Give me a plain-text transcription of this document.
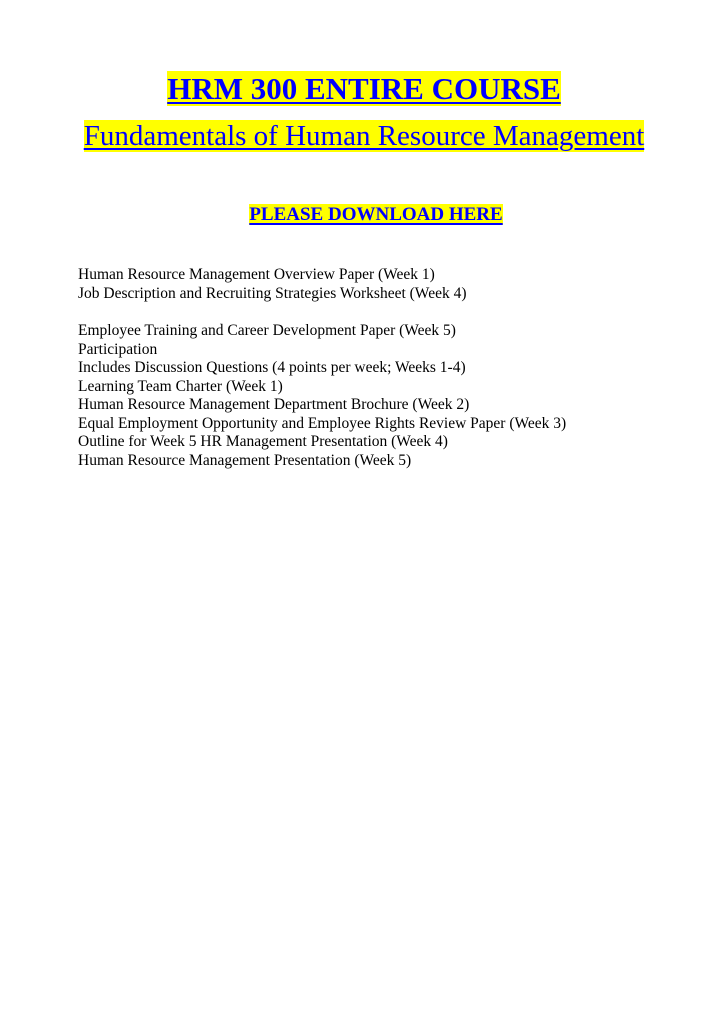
HRM 300 ENTIRE COURSE
Fundamentals of Human Resource Management
PLEASE DOWNLOAD HERE
Human Resource Management Overview Paper (Week 1)
Job Description and Recruiting Strategies Worksheet (Week 4)
Employee Training and Career Development Paper (Week 5)
Participation
Includes Discussion Questions (4 points per week; Weeks 1-4)
Learning Team Charter (Week 1)
Human Resource Management Department Brochure (Week 2)
Equal Employment Opportunity and Employee Rights Review Paper (Week 3)
Outline for Week 5 HR Management Presentation (Week 4)
Human Resource Management Presentation (Week 5)
